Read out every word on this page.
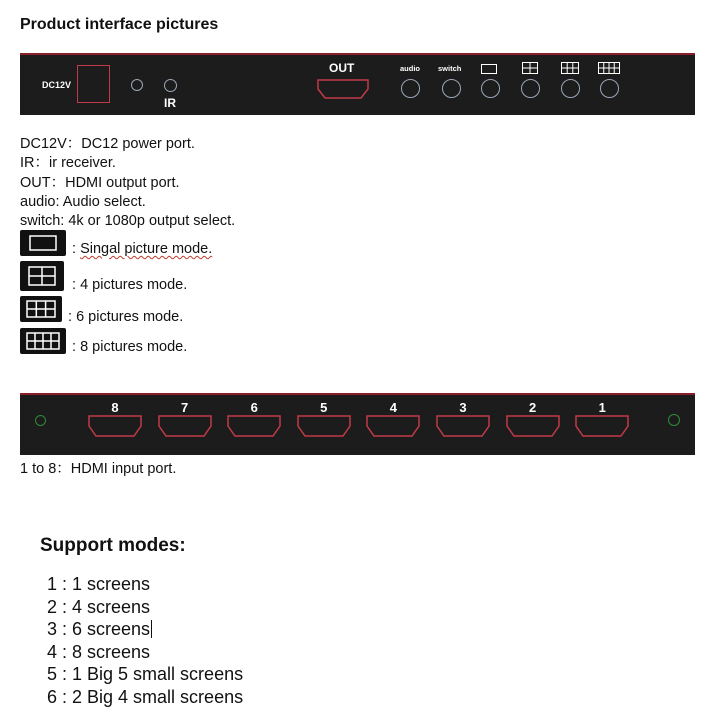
Product interface pictures
DC12V
IR
OUT	audio switch
DC12V：DC12 power port.
IR：ir receiver.
OUT：HDMI output port.
audio: Audio select.
switch: 4k or 1080p output select.
: Singal picture mode.
: 4 pictures mode.
: 6 pictures mode.
: 8 pictures mode.
8	7	6	5	4	3	2	1
1 to 8：HDMI input port.
Support modes:
1 : 1 screens
2 : 4 screens
3 : 6 screens
4 : 8 screens
5 : 1 Big 5 small screens
6 : 2 Big 4 small screens
